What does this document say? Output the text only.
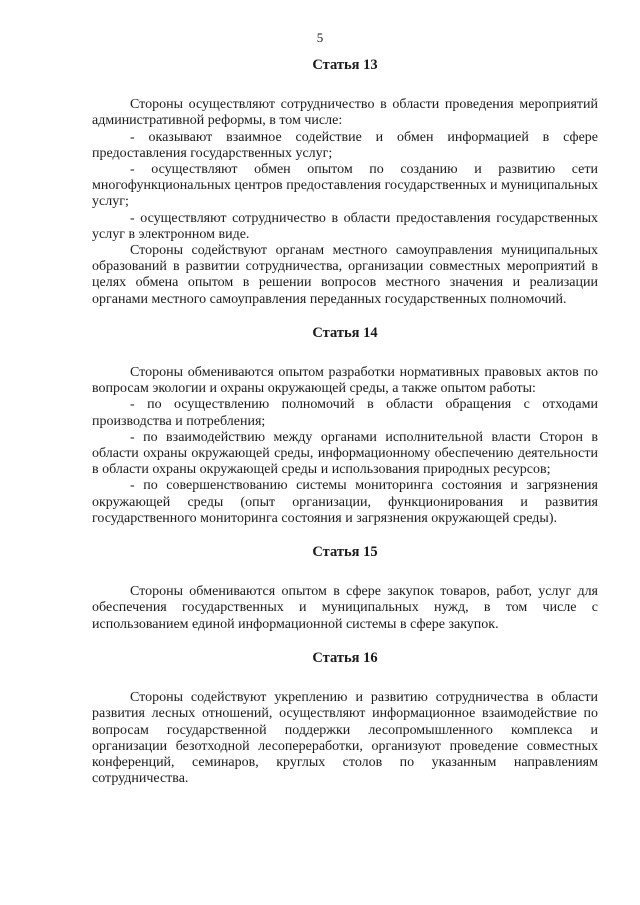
5
Статья 13

Стороны осуществляют сотрудничество в области проведения мероприятий административной реформы, в том числе:

- оказывают взаимное содействие и обмен информацией в сфере предоставления государственных услуг;

- осуществляют обмен опытом по созданию и развитию сети многофункциональных центров предоставления государственных и муниципальных услуг;

- осуществляют сотрудничество в области предоставления государственных услуг в электронном виде.

Стороны содействуют органам местного самоуправления муниципальных образований в развитии сотрудничества, организации совместных мероприятий в целях обмена опытом в решении вопросов местного значения и реализации органами местного самоуправления переданных государственных полномочий.

Статья 14

Стороны обмениваются опытом разработки нормативных правовых актов по вопросам экологии и охраны окружающей среды, а также опытом работы:

- по осуществлению полномочий в области обращения с отходами производства и потребления;

- по взаимодействию между органами исполнительной власти Сторон в области охраны окружающей среды, информационному обеспечению деятельности в области охраны окружающей среды и использования природных ресурсов;

- по совершенствованию системы мониторинга состояния и загрязнения окружающей среды (опыт организации, функционирования и развития государственного мониторинга состояния и загрязнения окружающей среды).

Статья 15

Стороны обмениваются опытом в сфере закупок товаров, работ, услуг для обеспечения государственных и муниципальных нужд, в том числе с использованием единой информационной системы в сфере закупок.

Статья 16

Стороны содействуют укреплению и развитию сотрудничества в области развития лесных отношений, осуществляют информационное взаимодействие по вопросам государственной поддержки лесопромышленного комплекса и организации безотходной лесопереработки, организуют проведение совместных конференций, семинаров, круглых столов по указанным направлениям сотрудничества.
